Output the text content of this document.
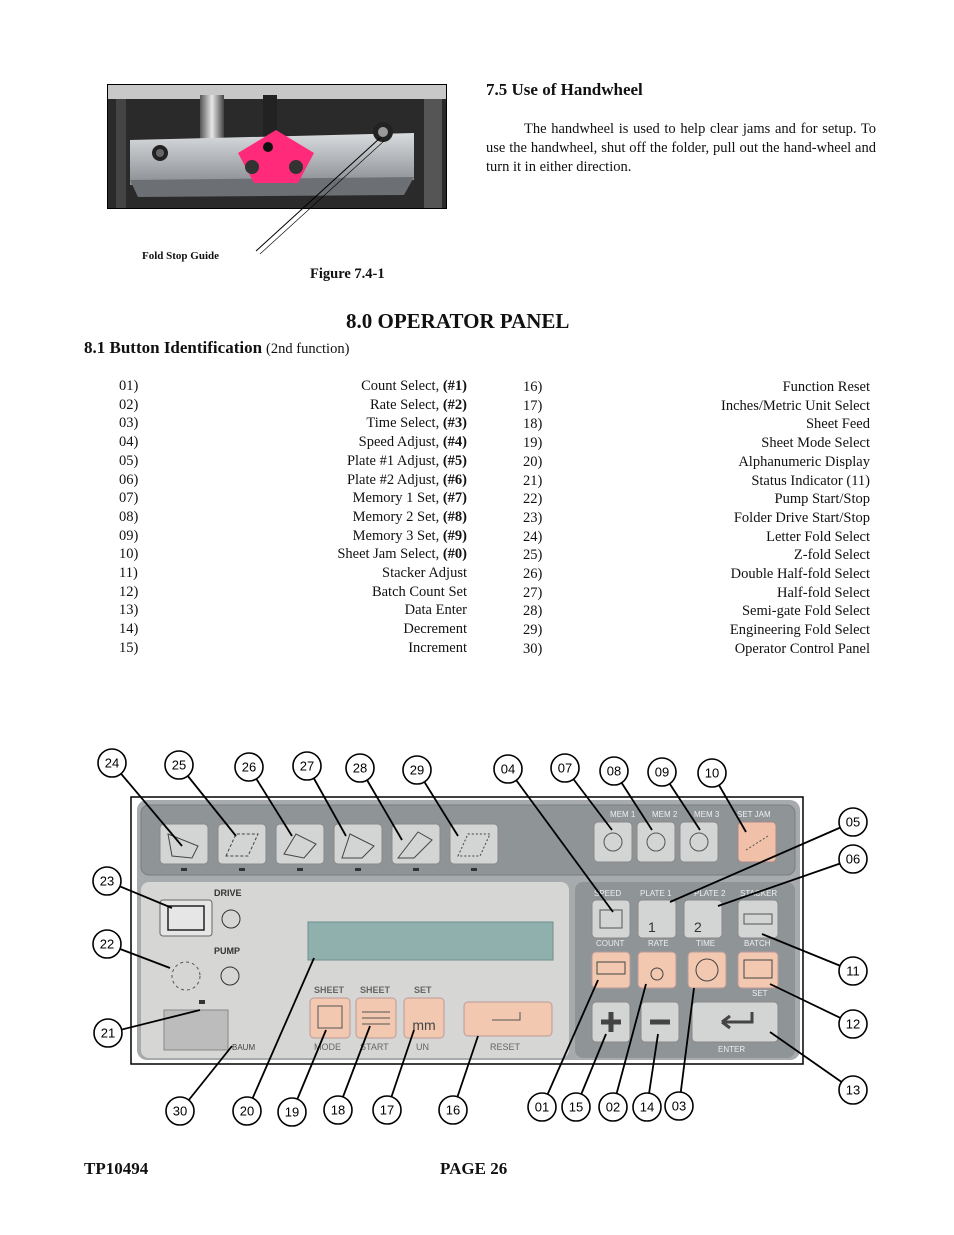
Fold Stop Guide
Figure 7.4-1
7.5 Use of Handwheel

The handwheel is used to help clear jams and for setup. To use the handwheel, shut off the folder, pull out the hand-wheel and turn it in either direction.

8.0 OPERATOR PANEL
8.1 Button Identification (2nd function)
01)	Count Select, (#1)
02)	Rate Select, (#2)
03)	Time Select, (#3)
04)	Speed Adjust, (#4)
05)	Plate #1 Adjust, (#5)
06)	Plate #2 Adjust, (#6)
07)	Memory 1 Set, (#7)
08)	Memory 2 Set, (#8)
09)	Memory 3 Set, (#9)
10)	Sheet Jam Select, (#0)
11)	Stacker Adjust
12)	Batch Count Set
13)	Data Enter
14)	Decrement
15)	Increment
16)	Function Reset
17)	Inches/Metric Unit Select
18)	Sheet Feed
19)	Sheet Mode Select
20)	Alphanumeric Display
21)	Status Indicator (11)
22)	Pump Start/Stop
23)	Folder Drive Start/Stop
24)	Letter Fold Select
25)	Z-fold Select
26)	Double Half-fold Select
27)	Half-fold Select
28)	Semi-gate Fold Select
29)	Engineering Fold Select
30)	Operator Control Panel
MEM 1 MEM 2 MEM 3 SET JAM
DRIVE
PUMP
BAUM
SHEET SHEET	SET
mm
MODE START	UN	RESET
SPEED PLATE 1	PLATE 2 STACKER
1	2
COUNT	RATE	TIME	BATCH
SET
ENTER
24	25	26	27	28	29	04	07	08	09	10
05
06
23
22
21
11
12
13
30	20 19 18	17	16	01 15 02 14 03
TP10494	PAGE 26
